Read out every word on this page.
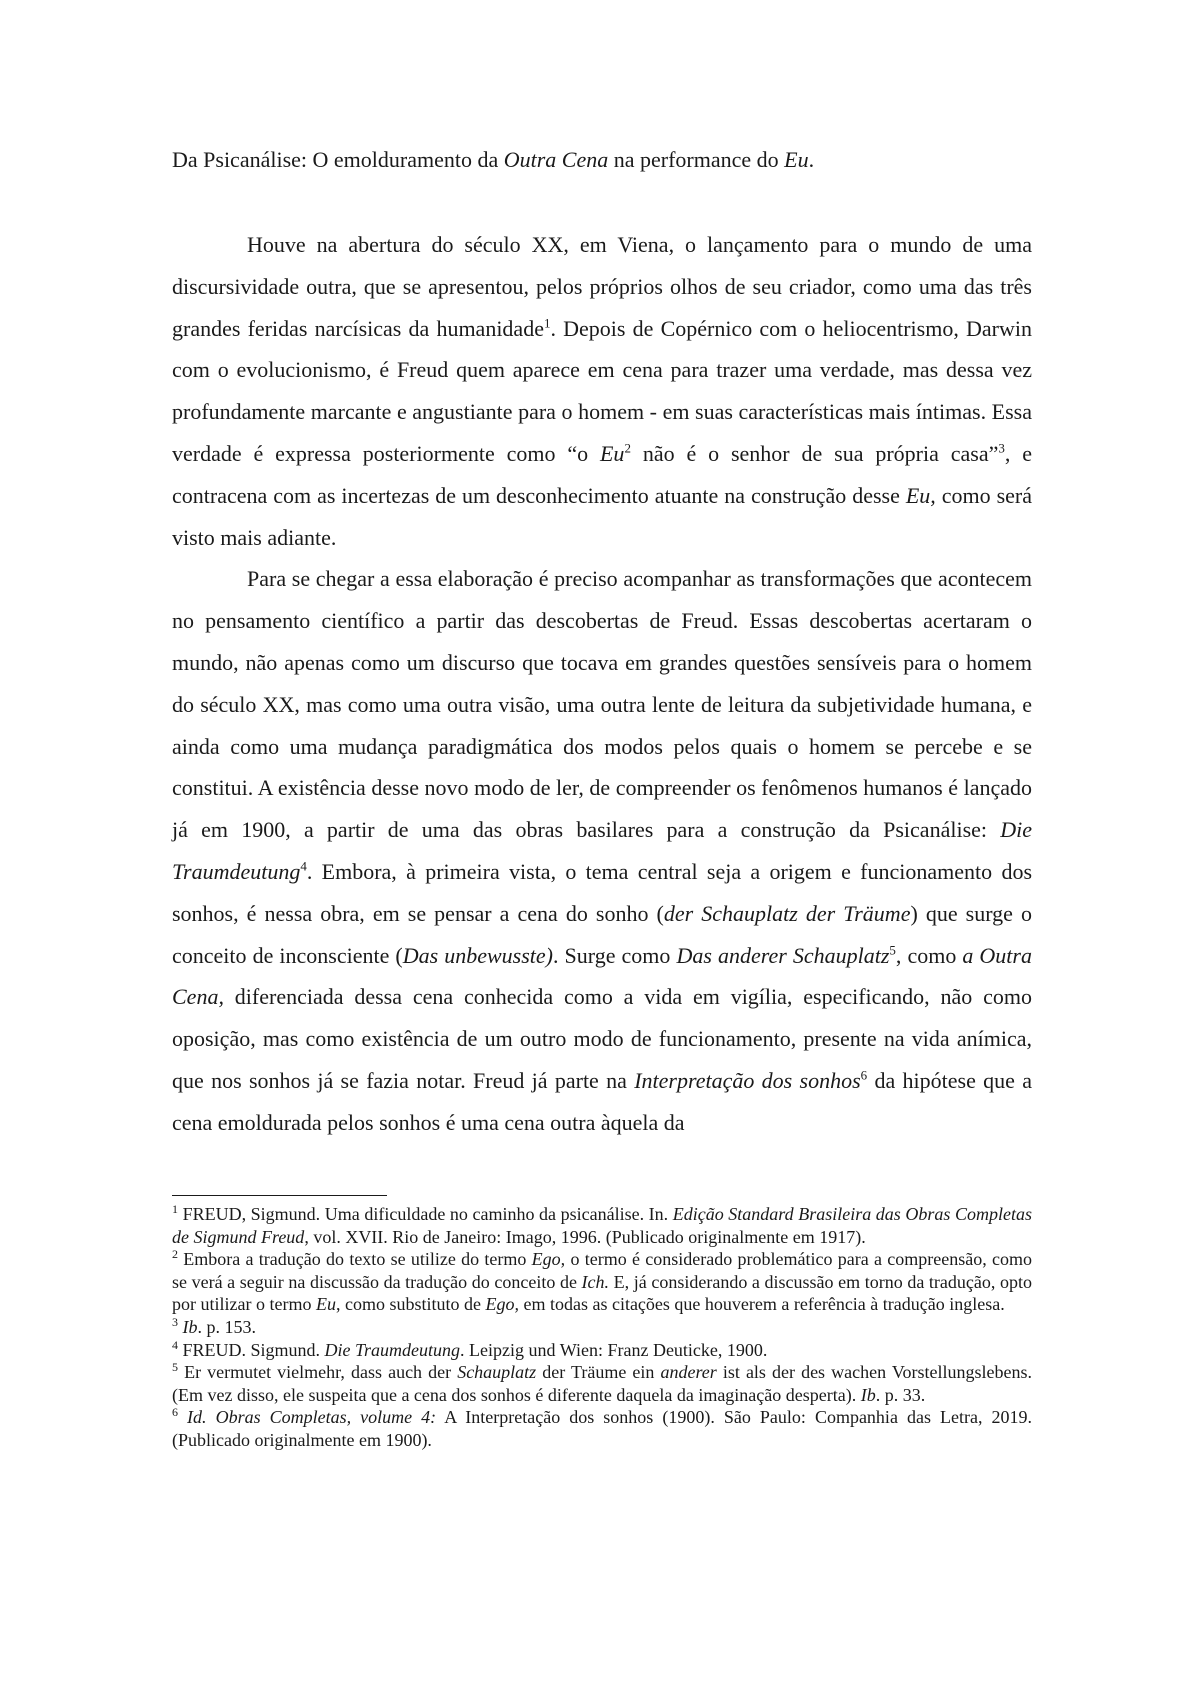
Da Psicanálise: O emolduramento da Outra Cena na performance do Eu.

Houve na abertura do século XX, em Viena, o lançamento para o mundo de uma discursividade outra, que se apresentou, pelos próprios olhos de seu criador, como uma das três grandes feridas narcísicas da humanidade$^1$. Depois de Copérnico com o heliocentrismo, Darwin com o evolucionismo, é Freud quem aparece em cena para trazer uma verdade, mas dessa vez profundamente marcante e angustiante para o homem - em suas características mais íntimas. Essa verdade é expressa posteriormente como “o Eu$^2$ não é o senhor de sua própria casa”$^3$, e contracena com as incertezas de um desconhecimento atuante na construção desse Eu, como será visto mais adiante.

Para se chegar a essa elaboração é preciso acompanhar as transformações que acontecem no pensamento científico a partir das descobertas de Freud. Essas descobertas acertaram o mundo, não apenas como um discurso que tocava em grandes questões sensíveis para o homem do século XX, mas como uma outra visão, uma outra lente de leitura da subjetividade humana, e ainda como uma mudança paradigmática dos modos pelos quais o homem se percebe e se constitui. A existência desse novo modo de ler, de compreender os fenômenos humanos é lançado já em 1900, a partir de uma das obras basilares para a construção da Psicanálise: Die Traumdeutung$^4$. Embora, à primeira vista, o tema central seja a origem e funcionamento dos sonhos, é nessa obra, em se pensar a cena do sonho (der Schauplatz der Träume) que surge o conceito de inconsciente (Das unbewusste). Surge como Das anderer Schauplatz$^5$, como a Outra Cena, diferenciada dessa cena conhecida como a vida em vigília, especificando, não como oposição, mas como existência de um outro modo de funcionamento, presente na vida anímica, que nos sonhos já se fazia notar. Freud já parte na Interpretação dos sonhos$^6$ da hipótese que a cena emoldurada pelos sonhos é uma cena outra àquela da

$^1$ FREUD, Sigmund. Uma dificuldade no caminho da psicanálise. In. Edição Standard Brasileira das Obras Completas de Sigmund Freud, vol. XVII. Rio de Janeiro: Imago, 1996. (Publicado originalmente em 1917).

$^2$ Embora a tradução do texto se utilize do termo Ego, o termo é considerado problemático para a compreensão, como se verá a seguir na discussão da tradução do conceito de Ich. E, já considerando a discussão em torno da tradução, opto por utilizar o termo Eu, como substituto de Ego, em todas as citações que houverem a referência à tradução inglesa.

$^3$ Ib. p. 153.

$^4$ FREUD. Sigmund. Die Traumdeutung. Leipzig und Wien: Franz Deuticke, 1900.

$^5$ Er vermutet vielmehr, dass auch der Schauplatz der Träume ein anderer ist als der des wachen Vorstellungslebens. (Em vez disso, ele suspeita que a cena dos sonhos é diferente daquela da imaginação desperta). Ib. p. 33.

$^6$ Id. Obras Completas, volume 4: A Interpretação dos sonhos (1900). São Paulo: Companhia das Letra, 2019. (Publicado originalmente em 1900).
